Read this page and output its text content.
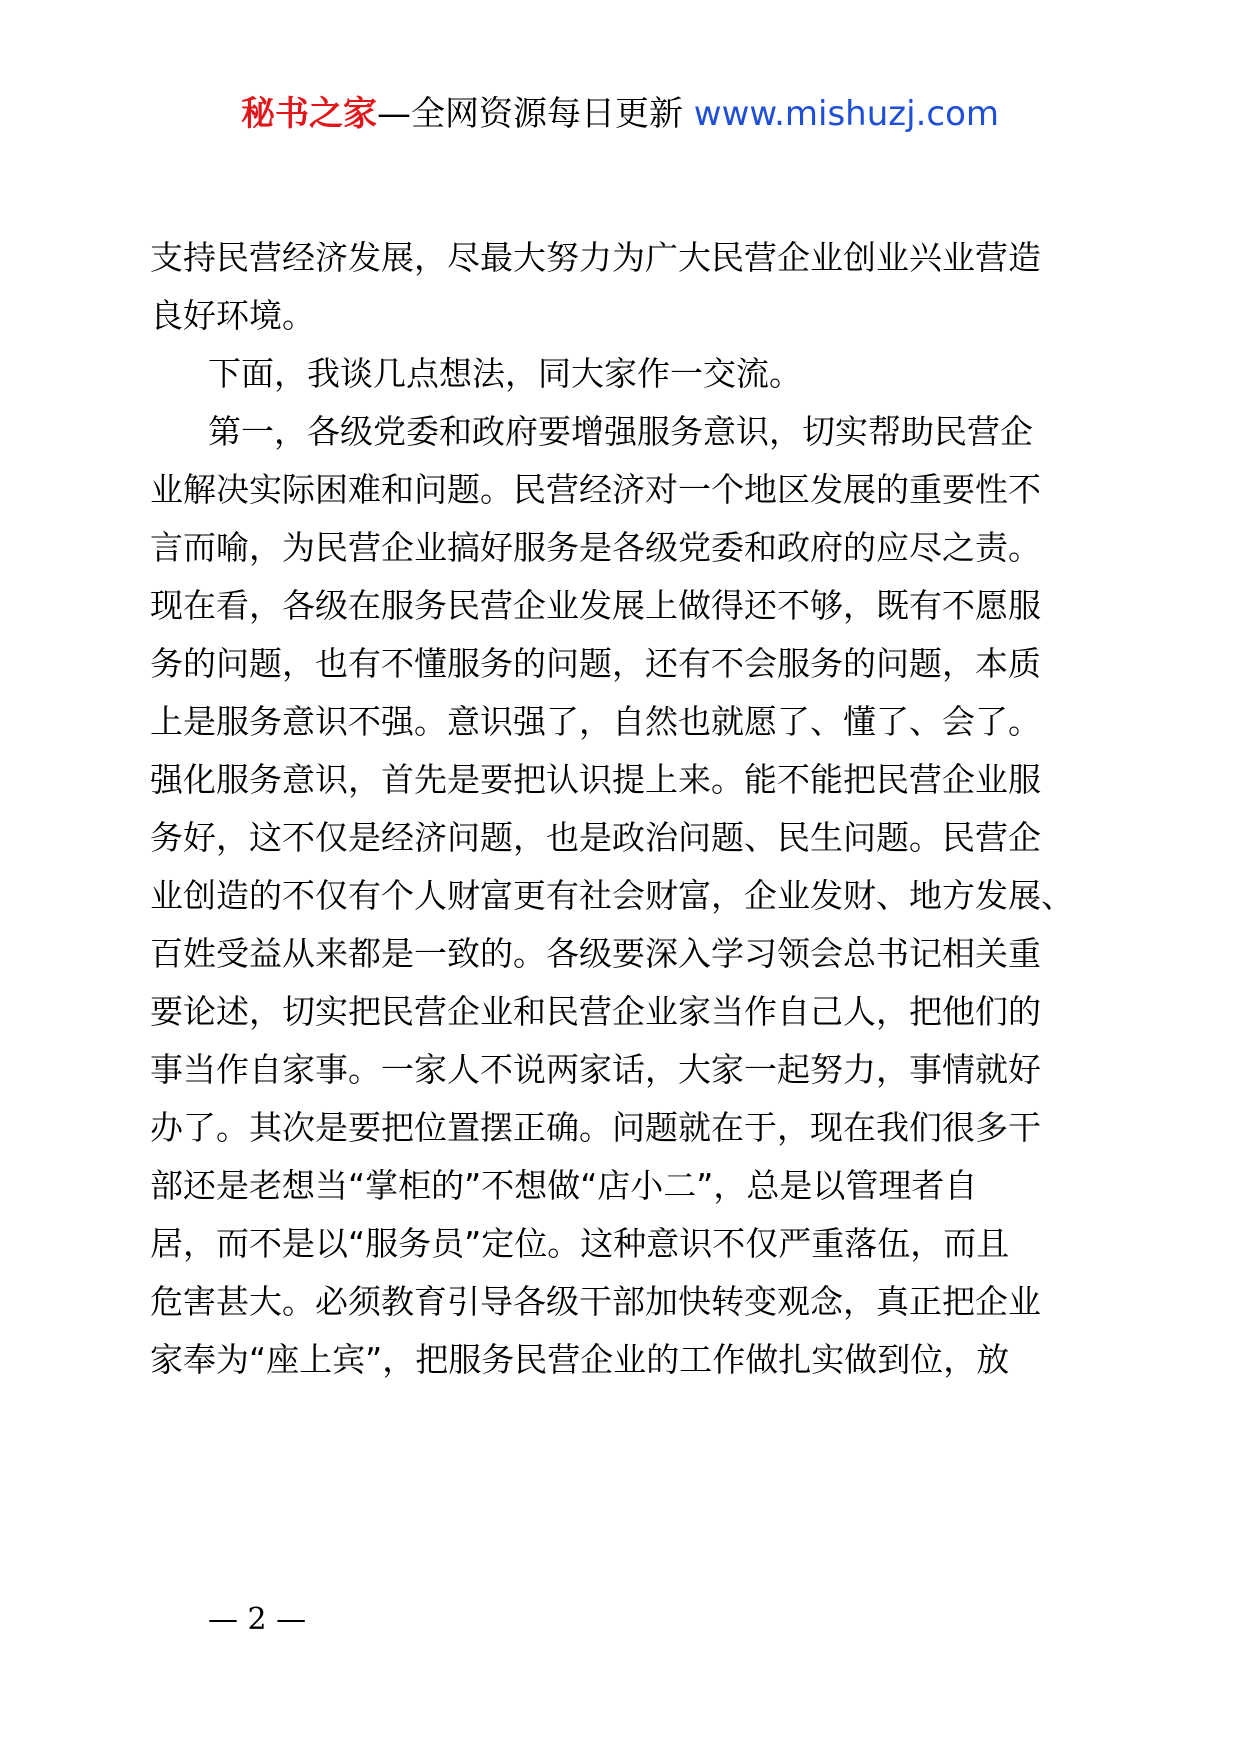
秘书之家—全网资源每日更新 www.mishuzj.com
支持民营经济发展，尽最大努力为广大民营企业创业兴业营造
良好环境。
下面，我谈几点想法，同大家作一交流。
第一，各级党委和政府要增强服务意识，切实帮助民营企
业解决实际困难和问题。民营经济对一个地区发展的重要性不
言而喻，为民营企业搞好服务是各级党委和政府的应尽之责。
现在看，各级在服务民营企业发展上做得还不够，既有不愿服
务的问题，也有不懂服务的问题，还有不会服务的问题，本质
上是服务意识不强。意识强了，自然也就愿了、懂了、会了。
强化服务意识，首先是要把认识提上来。能不能把民营企业服
务好，这不仅是经济问题，也是政治问题、民生问题。民营企
业创造的不仅有个人财富更有社会财富，企业发财、地方发展、
百姓受益从来都是一致的。各级要深入学习领会总书记相关重
要论述，切实把民营企业和民营企业家当作自己人，把他们的
事当作自家事。一家人不说两家话，大家一起努力，事情就好
办了。其次是要把位置摆正确。问题就在于，现在我们很多干
部还是老想当“掌柜的”不想做“店小二”，总是以管理者自
居，而不是以“服务员”定位。这种意识不仅严重落伍，而且
危害甚大。必须教育引导各级干部加快转变观念，真正把企业
家奉为“座上宾”，把服务民营企业的工作做扎实做到位，放
— 2 —
